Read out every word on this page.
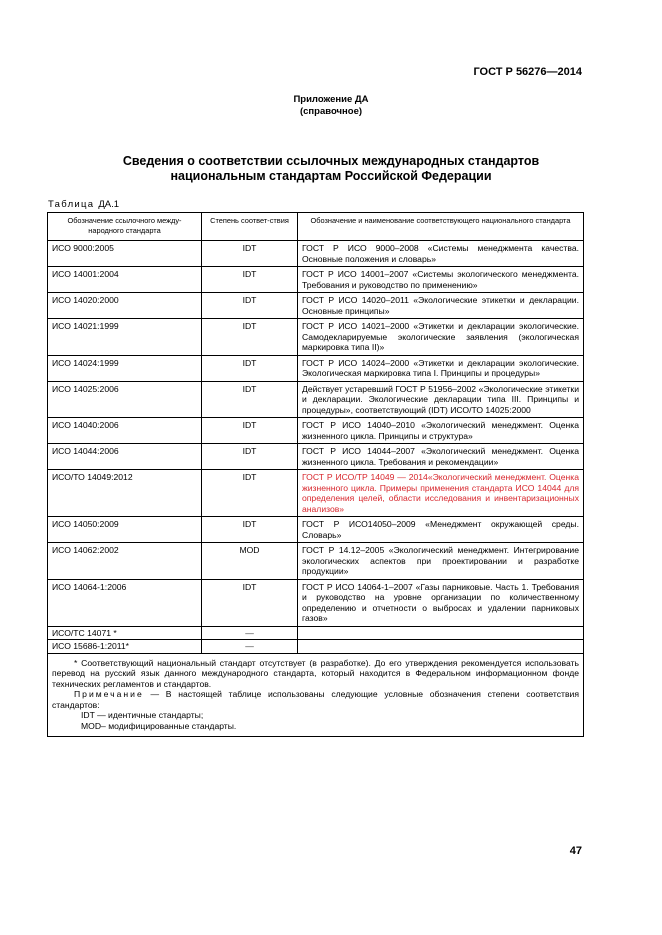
ГОСТ Р 56276—2014
Приложение ДА
(справочное)
Сведения о соответствии ссылочных международных стандартов
национальным стандартам Российской Федерации
Таблица ДА.1
Обозначение ссылочного между-народного стандарта	Степень соответ-ствия	Обозначение и наименование соответствующего национального стандарта
ИСО 9000:2005	IDT	ГОСТ Р ИСО 9000–2008 «Системы менеджмента качества. Основные положения и словарь»
ИСО 14001:2004	IDT	ГОСТ Р ИСО 14001–2007 «Системы экологического менеджмента. Требования и руководство по применению»
ИСО 14020:2000	IDT	ГОСТ Р ИСО 14020–2011 «Экологические этикетки и декларации. Основные принципы»
ИСО 14021:1999	IDT	ГОСТ Р ИСО 14021–2000 «Этикетки и декларации экологические. Самодекларируемые экологические заявления (экологическая маркировка типа II)»
ИСО 14024:1999	IDT	ГОСТ Р ИСО 14024–2000 «Этикетки и декларации экологические. Экологическая маркировка типа I. Принципы и процедуры»
ИСО 14025:2006	IDT	Действует устаревший ГОСТ Р 51956–2002 «Экологические этикетки и декларации. Экологические декларации типа III. Принципы и процедуры», соответствующий (IDT) ИСО/ТО 14025:2000
ИСО 14040:2006	IDT	ГОСТ Р ИСО 14040–2010 «Экологический менеджмент. Оценка жизненного цикла. Принципы и структура»
ИСО 14044:2006	IDT	ГОСТ Р ИСО 14044–2007 «Экологический менеджмент. Оценка жизненного цикла. Требования и рекомендации»
ИСО/ТО 14049:2012	IDT	ГОСТ Р ИСО/ТР 14049 — 2014«Экологический менеджмент. Оценка жизненного цикла. Примеры применения стандарта ИСО 14044 для определения целей, области исследования и инвентаризационных анализов»
ИСО 14050:2009	IDT	ГОСТ Р ИСО14050–2009 «Менеджмент окружающей среды. Словарь»
ИСО 14062:2002	MOD	ГОСТ Р 14.12–2005 «Экологический менеджмент. Интегрирование экологических аспектов при проектировании и разработке продукции»
ИСО 14064-1:2006	IDT	ГОСТ Р ИСО 14064-1–2007 «Газы парниковые. Часть 1. Требования и руководство на уровне организации по количественному определению и отчетности о выбросах и удалении парниковых газов»
ИСО/ТС 14071 *	—	
ИСО 15686-1:2011*	—	

* Соответствующий национальный стандарт отсутствует (в разработке). До его утверждения рекомендуется использовать перевод на русский язык данного международного стандарта, который находится в Федеральном информационном фонде технических регламентов и стандартов.

Примечание — В настоящей таблице использованы следующие условные обозначения степени соответствия стандартов:

IDT — идентичные стандарты;

MOD– модифицированные стандарты.		

47
